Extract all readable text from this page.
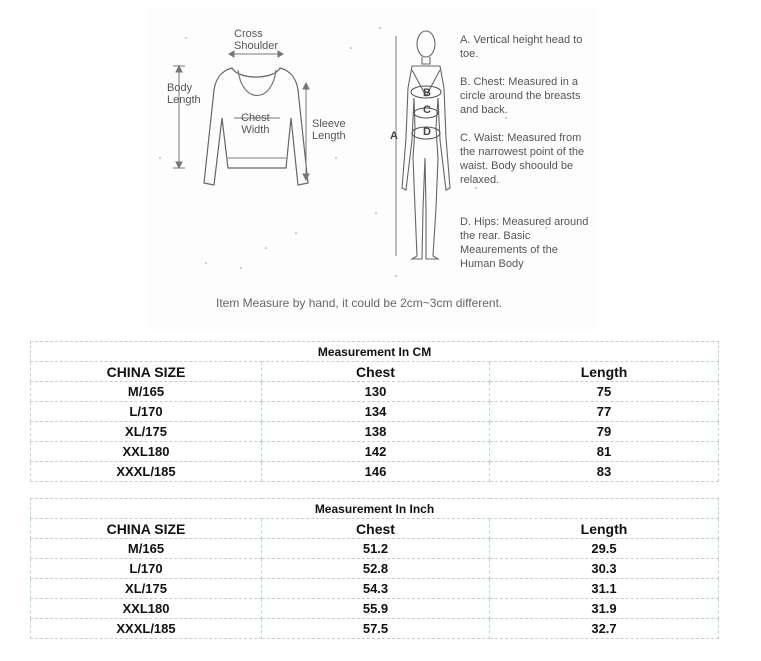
Cross
Shoulder
Body
Length
Chest
Width	Sleeve
Length	A
B
C
D
A. Vertical height head to toe.
B. Chest: Measured in a circle around the breasts and back.
C. Waist: Measured from the narrowest point of the waist. Body shoould be relaxed.
D. Hips: Measured around the rear. Basic Meaurements of the Human Body
Item Measure by hand, it could be 2cm~3cm different.
Measurement In CM		
CHINA SIZE	Chest	Length
M/165	130	75
L/170	134	77
XL/175	138	79
XXL180	142	81
XXXL/185	146	83
Measurement In Inch		
CHINA SIZE	Chest	Length
M/165	51.2	29.5
L/170	52.8	30.3
XL/175	54.3	31.1
XXL180	55.9	31.9
XXXL/185	57.5	32.7
